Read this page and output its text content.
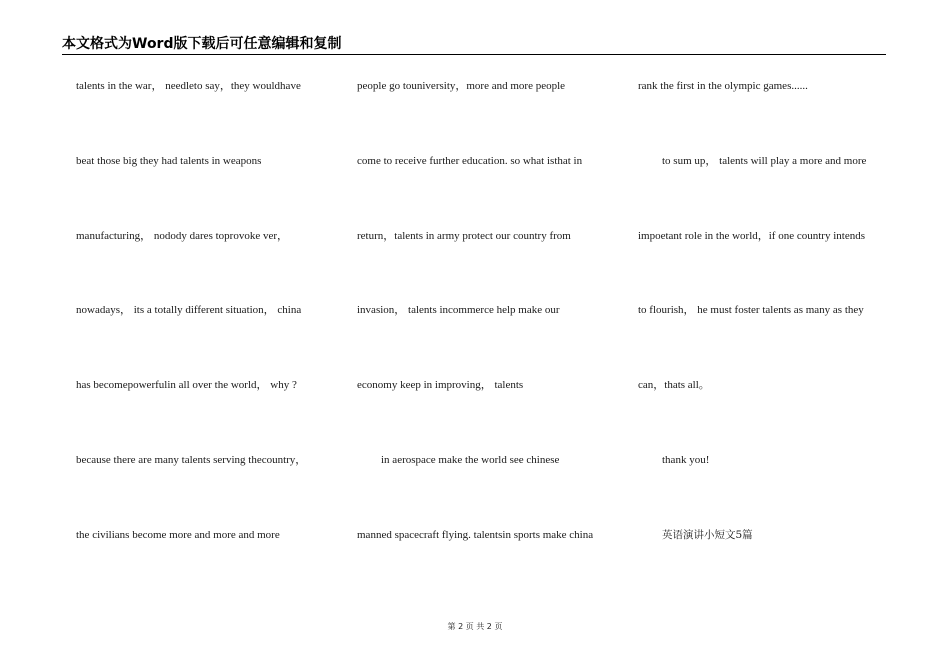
本文格式为Word版下载后可任意编辑和复制
talents in the war， needleto say，they wouldhave
beat those big they had talents in weapons
manufacturing， nodody dares toprovoke ver，
nowadays， its a totally different situation， china
has becomepowerfulin all over the world， why ?
because there are many talents serving thecountry，
the civilians become more and more and more
people go touniversity，more and more people
come to receive further education. so what isthat in
return，talents in army protect our country from
invasion， talents incommerce help make our
economy keep in improving， talents
in aerospace make the world see chinese
manned spacecraft flying. talentsin sports make china
rank the first in the olympic games......
to sum up， talents will play a more and more
impoetant role in the world，if one country intends
to flourish， he must foster talents as many as they
can，thats all。
thank you!
英语演讲小短文5篇
第 2 页 共 2 页
